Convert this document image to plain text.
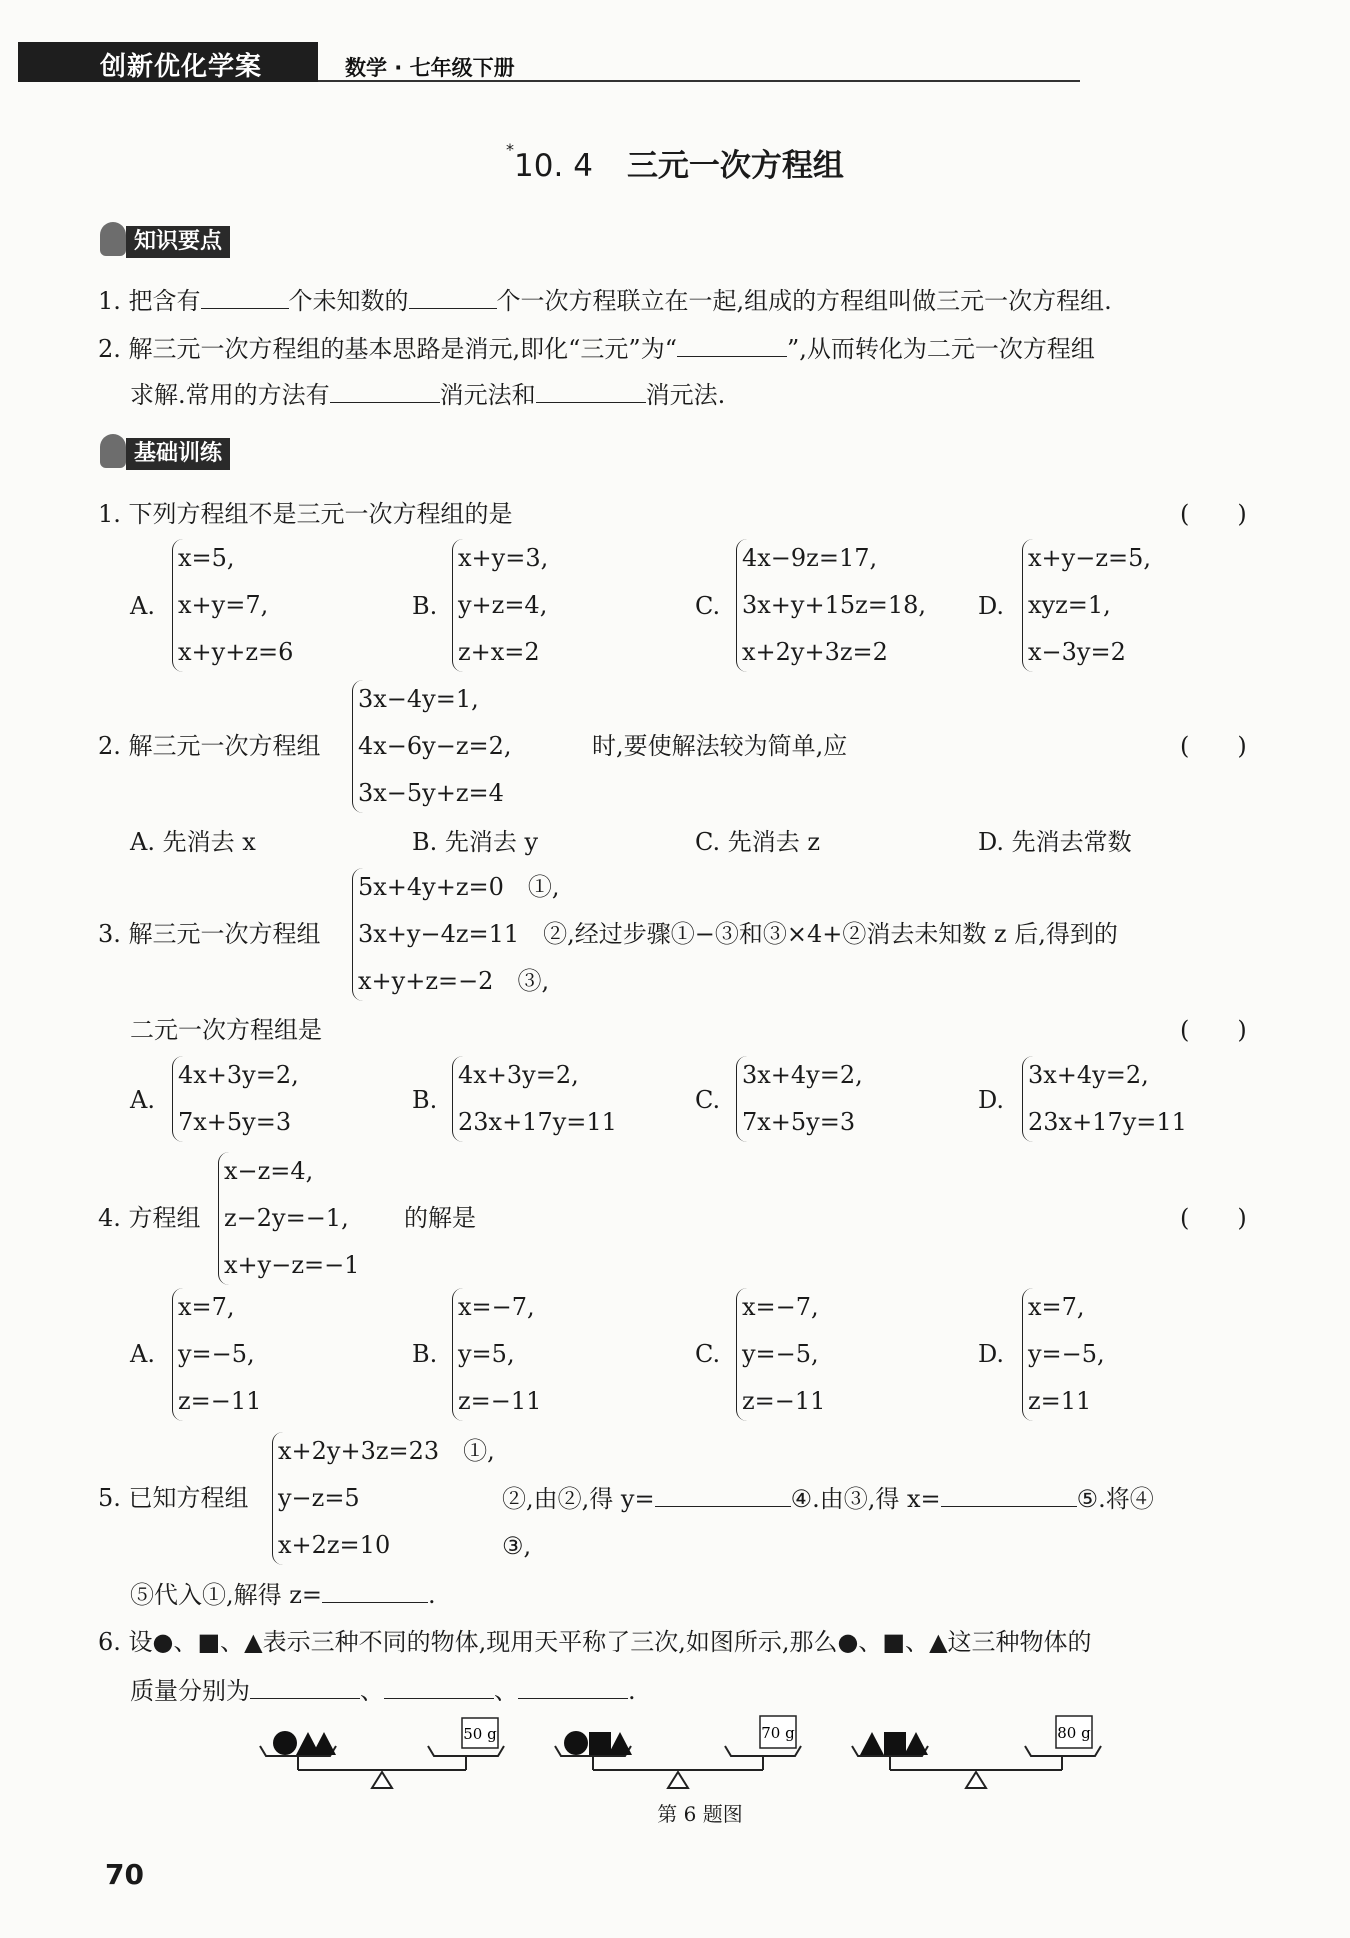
创新优化学案	数学 · 七年级下册
*10. 4 三元一次方程组
知识要点
1. 把含有	个未知数的	个一次方程联立在一起,组成的方程组叫做三元一次方程组.
2. 解三元一次方程组的基本思路是消元,即化“三元”为“	”,从而转化为二元一次方程组
求解.常用的方法有	消元法和	消元法.
基础训练
1. 下列方程组不是三元一次方程组的是	(　　)
A.
x=5,
x+y=7,
x+y+z=6
B.
x+y=3,
y+z=4,
z+x=2
C.
4x−9z=17,
3x+y+15z=18,
x+2y+3z=2
D.
x+y−z=5,
xyz=1,
x−3y=2
2. 解三元一次方程组
3x−4y=1,
4x−6y−z=2,
3x−5y+z=4
时,要使解法较为简单,应	(　　)
A. 先消去 x	B. 先消去 y	C. 先消去 z	D. 先消去常数
3. 解三元一次方程组
5x+4y+z=0　①,
3x+y−4z=11　②,经过步骤①−③和③×4+②消去未知数 z 后,得到的
x+y+z=−2　③,
二元一次方程组是	(　　)
A.
4x+3y=2,
7x+5y=3
B.
4x+3y=2,
23x+17y=11
C.
3x+4y=2,
7x+5y=3
D.
3x+4y=2,
23x+17y=11
4. 方程组
x−z=4,
z−2y=−1,
x+y−z=−1
的解是	(　　)
A.
x=7,
y=−5,
z=−11
B.
x=−7,
y=5,
z=−11
C.
x=−7,
y=−5,
z=−11
D.
x=7,
y=−5,
z=11
5. 已知方程组
x+2y+3z=23　①,
y−z=5
x+2z=10
②,由②,得 y=	④.由③,得 x=	⑤.将④
③,
⑤代入①,解得 z=	.
6. 设●、■、▲表示三种不同的物体,现用天平称了三次,如图所示,那么●、■、▲这三种物体的
质量分别为	、	、	.
50 g	70 g	80 g
第 6 题图
70
